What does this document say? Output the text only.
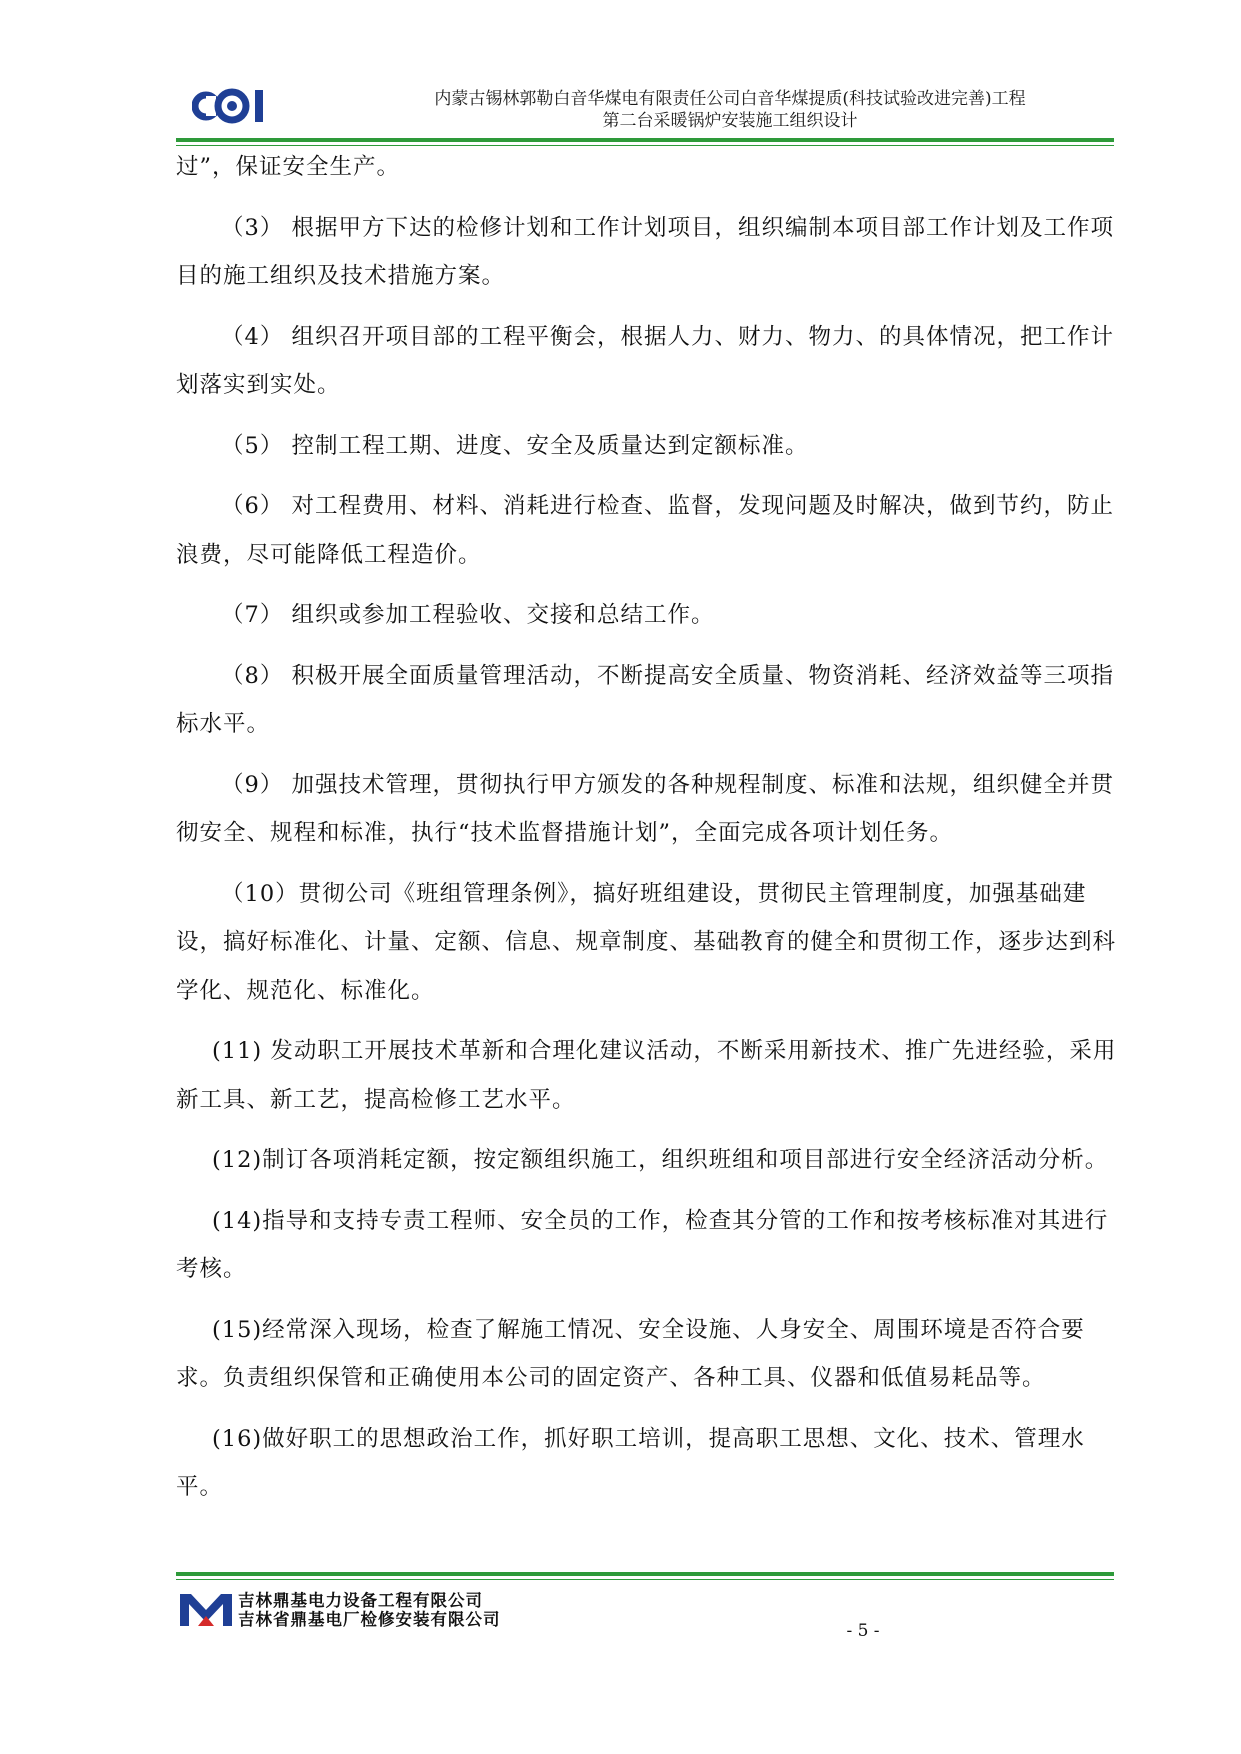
内蒙古锡林郭勒白音华煤电有限责任公司白音华煤提质(科技试验改进完善)工程
第二台采暖锅炉安装施工组织设计

过”，保证安全生产。

（3） 根据甲方下达的检修计划和工作计划项目，组织编制本项目部工作计划及工作项目的施工组织及技术措施方案。

（4） 组织召开项目部的工程平衡会，根据人力、财力、物力、的具体情况，把工作计划落实到实处。

（5） 控制工程工期、进度、安全及质量达到定额标准。

（6） 对工程费用、材料、消耗进行检查、监督，发现问题及时解决，做到节约，防止浪费，尽可能降低工程造价。

（7） 组织或参加工程验收、交接和总结工作。

（8） 积极开展全面质量管理活动，不断提高安全质量、物资消耗、经济效益等三项指标水平。

（9） 加强技术管理，贯彻执行甲方颁发的各种规程制度、标准和法规，组织健全并贯彻安全、规程和标准，执行“技术监督措施计划”，全面完成各项计划任务。

（10）贯彻公司《班组管理条例》，搞好班组建设，贯彻民主管理制度，加强基础建设，搞好标准化、计量、定额、信息、规章制度、基础教育的健全和贯彻工作，逐步达到科学化、规范化、标准化。

(11) 发动职工开展技术革新和合理化建议活动，不断采用新技术、推广先进经验，采用新工具、新工艺，提高检修工艺水平。

(12)制订各项消耗定额，按定额组织施工，组织班组和项目部进行安全经济活动分析。

(14)指导和支持专责工程师、安全员的工作，检查其分管的工作和按考核标准对其进行考核。

(15)经常深入现场，检查了解施工情况、安全设施、人身安全、周围环境是否符合要求。负责组织保管和正确使用本公司的固定资产、各种工具、仪器和低值易耗品等。

(16)做好职工的思想政治工作，抓好职工培训，提高职工思想、文化、技术、管理水平。

吉林鼎基电力设备工程有限公司
吉林省鼎基电厂检修安装有限公司
- 5 -
